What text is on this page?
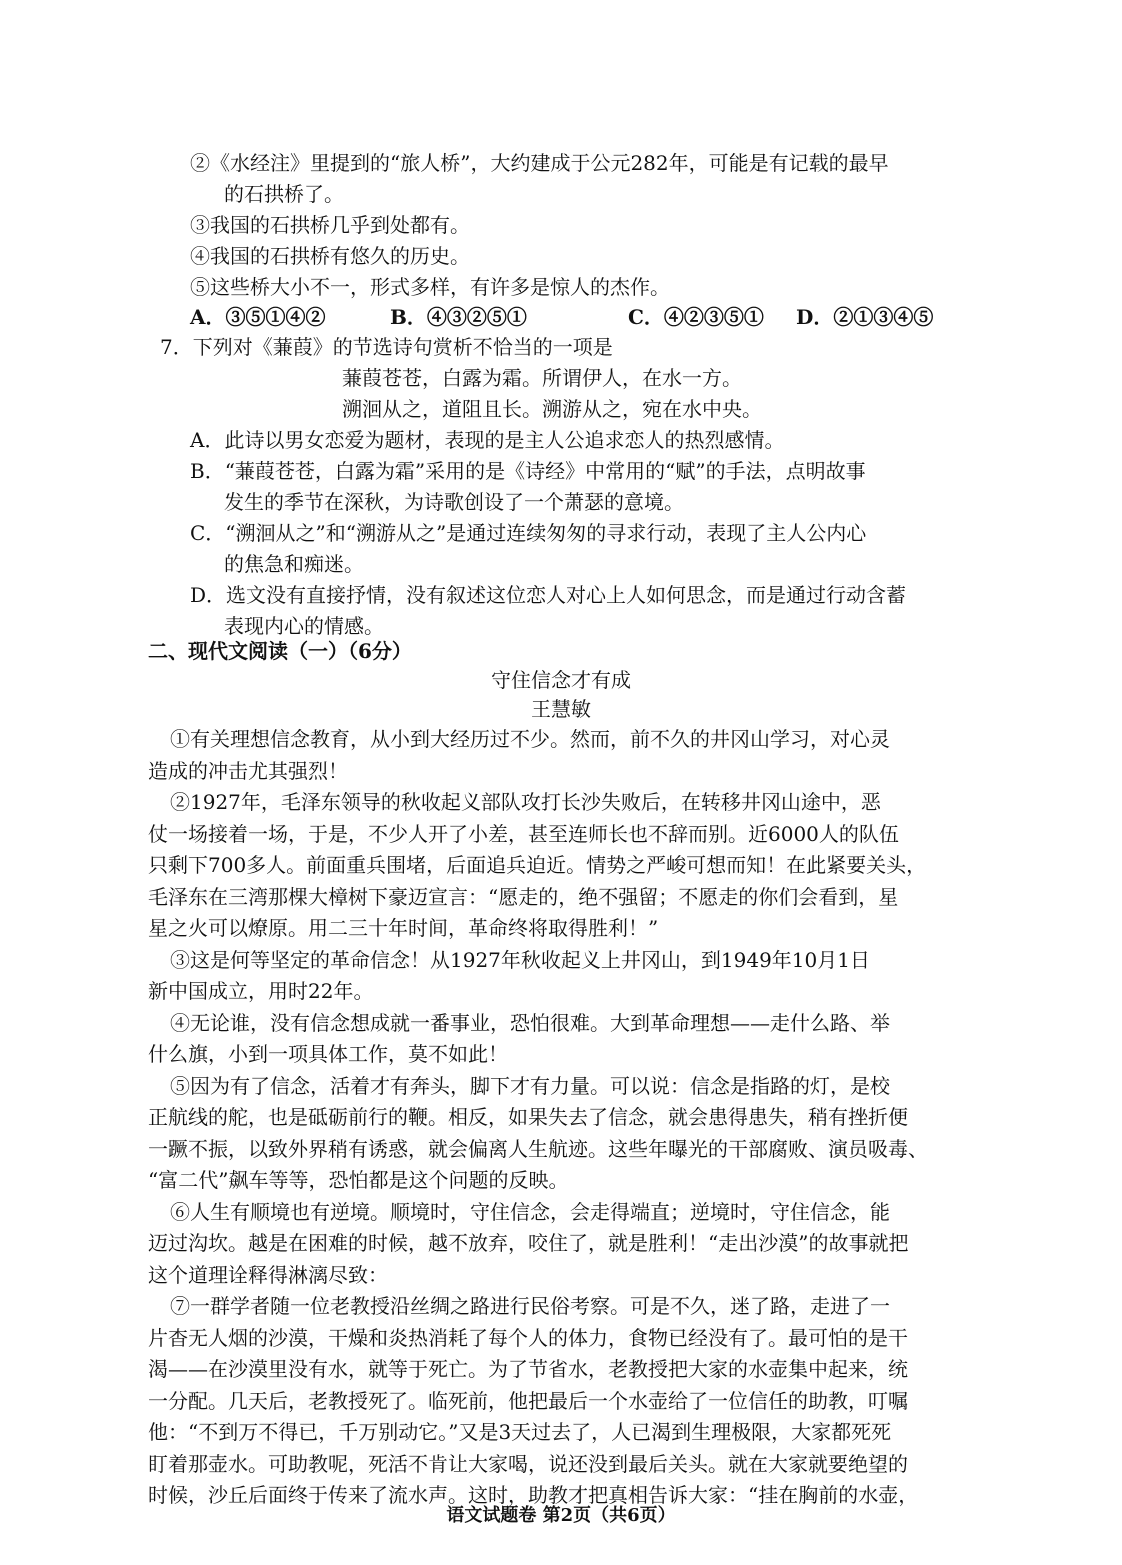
②《水经注》里提到的“旅人桥”，大约建成于公元282年，可能是有记载的最早
的石拱桥了。
③我国的石拱桥几乎到处都有。
④我国的石拱桥有悠久的历史。
⑤这些桥大小不一，形式多样，有许多是惊人的杰作。
A．③⑤①④②	B．④③②⑤①	C．④②③⑤① D．②①③④⑤
7．下列对《蒹葭》的节选诗句赏析不恰当的一项是
蒹葭苍苍，白露为霜。所谓伊人，在水一方。
溯洄从之，道阻且长。溯游从之，宛在水中央。
A．此诗以男女恋爱为题材，表现的是主人公追求恋人的热烈感情。
B．“蒹葭苍苍，白露为霜”采用的是《诗经》中常用的“赋”的手法，点明故事
发生的季节在深秋，为诗歌创设了一个萧瑟的意境。
C．“溯洄从之”和“溯游从之”是通过连续匆匆的寻求行动，表现了主人公内心
的焦急和痴迷。
D．选文没有直接抒情，没有叙述这位恋人对心上人如何思念，而是通过行动含蓄
表现内心的情感。
二、现代文阅读（一）（6分）
守住信念才有成
王慧敏
①有关理想信念教育，从小到大经历过不少。然而，前不久的井冈山学习，对心灵
造成的冲击尤其强烈！
②1927年，毛泽东领导的秋收起义部队攻打长沙失败后，在转移井冈山途中，恶
仗一场接着一场，于是，不少人开了小差，甚至连师长也不辞而别。近6000人的队伍
只剩下700多人。前面重兵围堵，后面追兵迫近。情势之严峻可想而知！在此紧要关头，
毛泽东在三湾那棵大樟树下豪迈宣言：“愿走的，绝不强留；不愿走的你们会看到，星
星之火可以燎原。用二三十年时间，革命终将取得胜利！”
③这是何等坚定的革命信念！从1927年秋收起义上井冈山，到1949年10月1日
新中国成立，用时22年。
④无论谁，没有信念想成就一番事业，恐怕很难。大到革命理想——走什么路、举
什么旗，小到一项具体工作，莫不如此！
⑤因为有了信念，活着才有奔头，脚下才有力量。可以说：信念是指路的灯，是校
正航线的舵，也是砥砺前行的鞭。相反，如果失去了信念，就会患得患失，稍有挫折便
一蹶不振，以致外界稍有诱惑，就会偏离人生航迹。这些年曝光的干部腐败、演员吸毒、
“富二代”飙车等等，恐怕都是这个问题的反映。
⑥人生有顺境也有逆境。顺境时，守住信念，会走得端直；逆境时，守住信念，能
迈过沟坎。越是在困难的时候，越不放弃，咬住了，就是胜利！“走出沙漠”的故事就把
这个道理诠释得淋漓尽致：
⑦一群学者随一位老教授沿丝绸之路进行民俗考察。可是不久，迷了路，走进了一
片杳无人烟的沙漠，干燥和炎热消耗了每个人的体力，食物已经没有了。最可怕的是干
渴——在沙漠里没有水，就等于死亡。为了节省水，老教授把大家的水壶集中起来，统
一分配。几天后，老教授死了。临死前，他把最后一个水壶给了一位信任的助教，叮嘱
他：“不到万不得已，千万别动它。”又是3天过去了，人已渴到生理极限，大家都死死
盯着那壶水。可助教呢，死活不肯让大家喝，说还没到最后关头。就在大家就要绝望的
时候，沙丘后面终于传来了流水声。这时，助教才把真相告诉大家：“挂在胸前的水壶，
语文试题卷 第2页（共6页）
